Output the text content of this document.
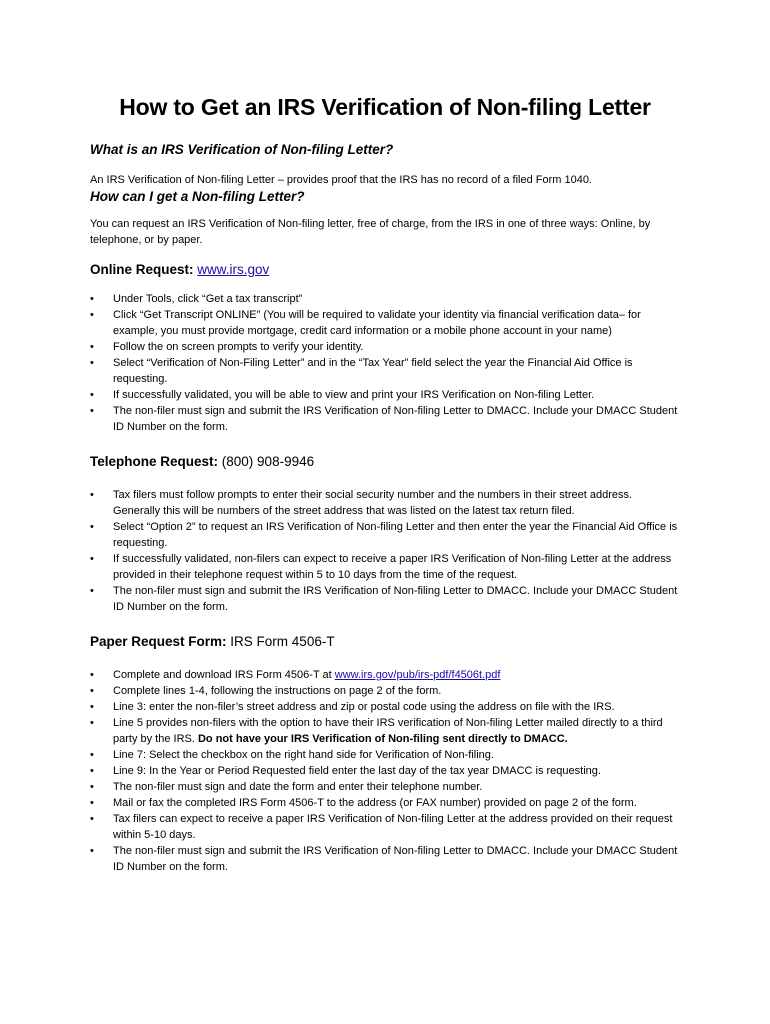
How to Get an IRS Verification of Non-filing Letter

What is an IRS Verification of Non-filing Letter?

An IRS Verification of Non-filing Letter – provides proof that the IRS has no record of a filed Form 1040.

How can I get a Non-filing Letter?

You can request an IRS Verification of Non-filing letter, free of charge, from the IRS in one of three ways: Online, by telephone, or by paper.

Online Request: www.irs.gov

• Under Tools, click “Get a tax transcript”
• Click “Get Transcript ONLINE” (You will be required to validate your identity via financial verification data– for example, you must provide mortgage, credit card information or a mobile phone account in your name)
• Follow the on screen prompts to verify your identity.
• Select “Verification of Non-Filing Letter” and in the “Tax Year” field select the year the Financial Aid Office is requesting.
• If successfully validated, you will be able to view and print your IRS Verification on Non-filing Letter.
• The non-filer must sign and submit the IRS Verification of Non-filing Letter to DMACC. Include your DMACC Student ID Number on the form.

Telephone Request: (800) 908-9946

• Tax filers must follow prompts to enter their social security number and the numbers in their street address. Generally this will be numbers of the street address that was listed on the latest tax return filed.
• Select “Option 2” to request an IRS Verification of Non-filing Letter and then enter the year the Financial Aid Office is requesting.
• If successfully validated, non-filers can expect to receive a paper IRS Verification of Non-filing Letter at the address provided in their telephone request within 5 to 10 days from the time of the request.
• The non-filer must sign and submit the IRS Verification of Non-filing Letter to DMACC. Include your DMACC Student ID Number on the form.

Paper Request Form: IRS Form 4506-T

• Complete and download IRS Form 4506-T at www.irs.gov/pub/irs-pdf/f4506t.pdf
• Complete lines 1-4, following the instructions on page 2 of the form.
• Line 3: enter the non-filer’s street address and zip or postal code using the address on file with the IRS.
• Line 5 provides non-filers with the option to have their IRS verification of Non-filing Letter mailed directly to a third party by the IRS. Do not have your IRS Verification of Non-filing sent directly to DMACC.
• Line 7: Select the checkbox on the right hand side for Verification of Non-filing.
• Line 9: In the Year or Period Requested field enter the last day of the tax year DMACC is requesting.
• The non-filer must sign and date the form and enter their telephone number.
• Mail or fax the completed IRS Form 4506-T to the address (or FAX number) provided on page 2 of the form.
• Tax filers can expect to receive a paper IRS Verification of Non-filing Letter at the address provided on their request within 5-10 days.
• The non-filer must sign and submit the IRS Verification of Non-filing Letter to DMACC. Include your DMACC Student ID Number on the form.
